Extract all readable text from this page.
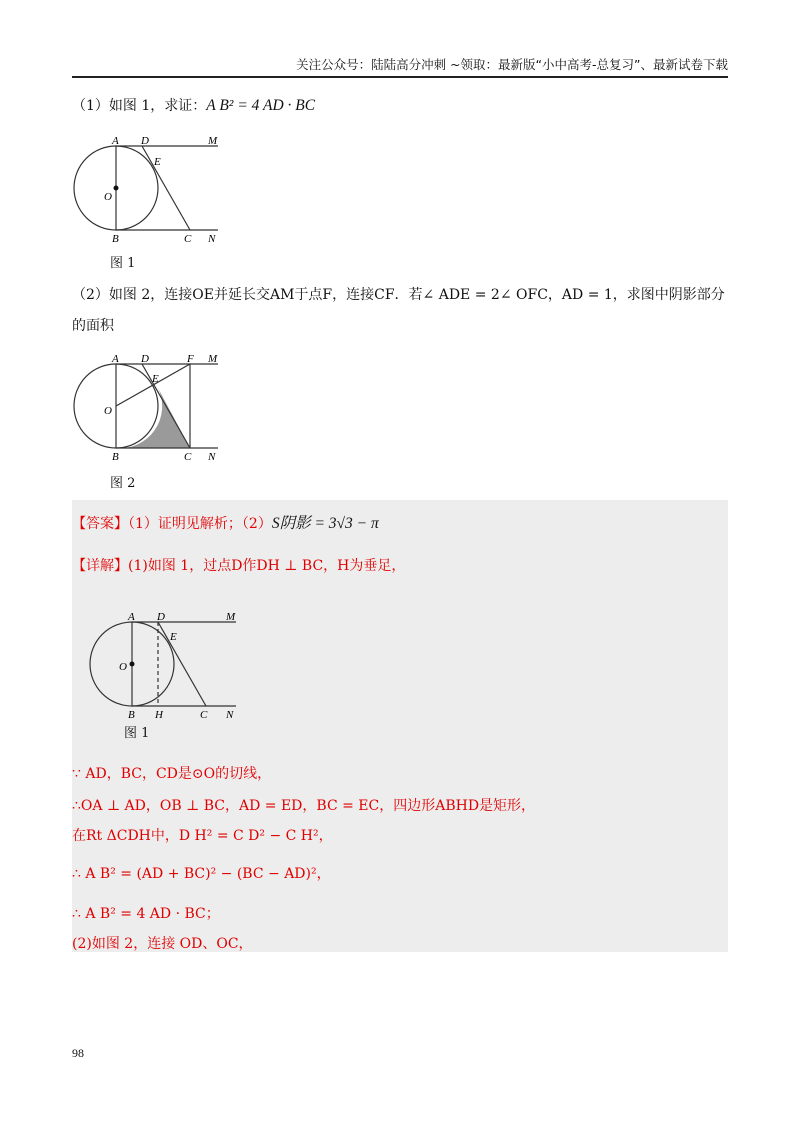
关注公众号：陆陆高分冲刺 ~领取：最新版“小中高考-总复习”、最新试卷下载
（1）如图 1，求证：A B² = 4 AD · BC
A D	M
E
O
B	C N
图 1
（2）如图 2，连接OE并延长交AM于点F，连接CF．若∠ ADE = 2∠ OFC，AD = 1，求图中阴影部分
的面积
A D	F M
E
O
B	C N
图 2
【答案】（1）证明见解析；（2）S阴影 = 3√3 − π
【详解】(1)如图 1，过点D作DH ⊥ BC，H为垂足，
A D	M
E
O
B H	C N
图 1
∵ AD，BC，CD是⊙O的切线，
∴OA ⊥ AD，OB ⊥ BC，AD = ED，BC = EC，四边形ABHD是矩形，
在Rt ΔCDH中，D H² = C D² − C H²，
∴ A B² = (AD + BC)² − (BC − AD)²，
∴ A B² = 4 AD · BC；
(2)如图 2，连接 OD、OC，
98
